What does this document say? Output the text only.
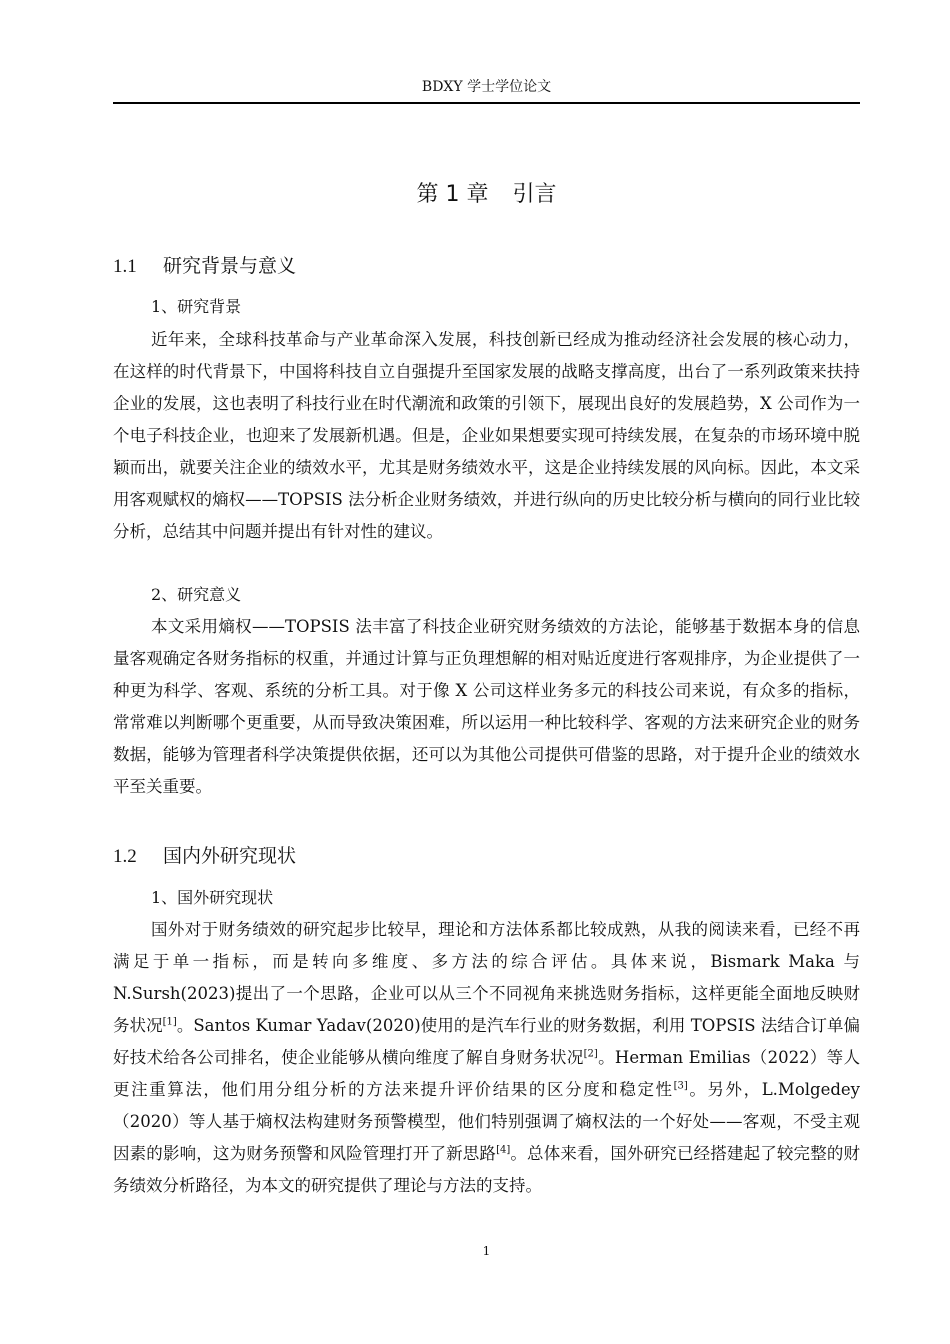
BDXY 学士学位论文
第 1 章 引言
1.1 研究背景与意义
1、研究背景

近年来，全球科技革命与产业革命深入发展，科技创新已经成为推动经济社会发展的核心动力，在这样的时代背景下，中国将科技自立自强提升至国家发展的战略支撑高度，出台了一系列政策来扶持企业的发展，这也表明了科技行业在时代潮流和政策的引领下，展现出良好的发展趋势，X 公司作为一个电子科技企业，也迎来了发展新机遇。但是，企业如果想要实现可持续发展，在复杂的市场环境中脱颖而出，就要关注企业的绩效水平，尤其是财务绩效水平，这是企业持续发展的风向标。因此，本文采用客观赋权的熵权——TOPSIS 法分析企业财务绩效，并进行纵向的历史比较分析与横向的同行业比较分析，总结其中问题并提出有针对性的建议。

2、研究意义

本文采用熵权——TOPSIS 法丰富了科技企业研究财务绩效的方法论，能够基于数据本身的信息量客观确定各财务指标的权重，并通过计算与正负理想解的相对贴近度进行客观排序，为企业提供了一种更为科学、客观、系统的分析工具。对于像 X 公司这样业务多元的科技公司来说，有众多的指标，常常难以判断哪个更重要，从而导致决策困难，所以运用一种比较科学、客观的方法来研究企业的财务数据，能够为管理者科学决策提供依据，还可以为其他公司提供可借鉴的思路，对于提升企业的绩效水平至关重要。

1.2 国内外研究现状
1、国外研究现状

国外对于财务绩效的研究起步比较早，理论和方法体系都比较成熟，从我的阅读来看，已经不再满足于单一指标，而是转向多维度、多方法的综合评估。具体来说，Bismark Maka 与 N.Sursh(2023)提出了一个思路，企业可以从三个不同视角来挑选财务指标，这样更能全面地反映财务状况[1]。Santos Kumar Yadav(2020)使用的是汽车行业的财务数据，利用 TOPSIS 法结合订单偏好技术给各公司排名，使企业能够从横向维度了解自身财务状况[2]。Herman Emilias（2022）等人更注重算法，他们用分组分析的方法来提升评价结果的区分度和稳定性[3]。另外，L.Molgedey（2020）等人基于熵权法构建财务预警模型，他们特别强调了熵权法的一个好处——客观，不受主观因素的影响，这为财务预警和风险管理打开了新思路[4]。总体来看，国外研究已经搭建起了较完整的财务绩效分析路径，为本文的研究提供了理论与方法的支持。

1
